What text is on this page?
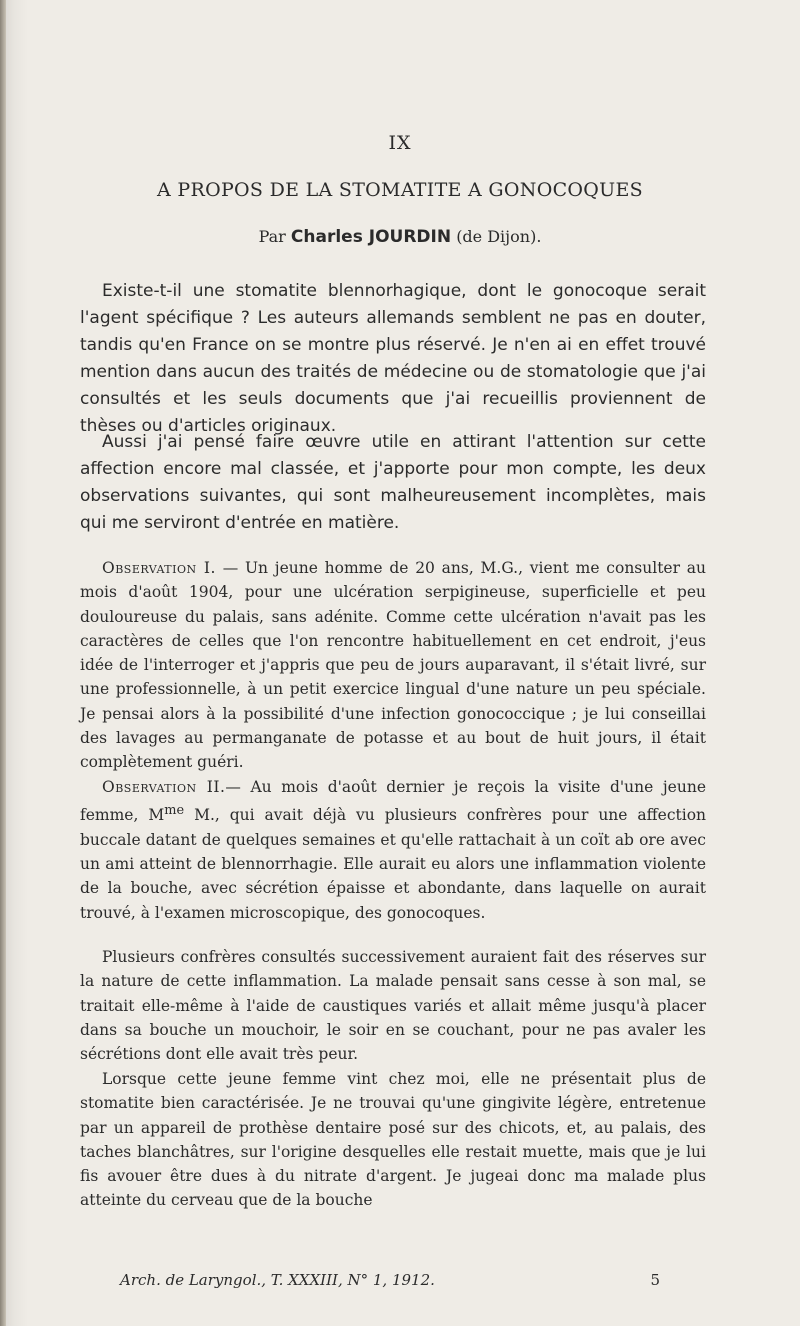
IX
A PROPOS DE LA STOMATITE A GONOCOQUES
Par Charles JOURDIN (de Dijon).

Existe-t-il une stomatite blennorhagique, dont le gonocoque serait l'agent spécifique ? Les auteurs allemands semblent ne pas en douter, tandis qu'en France on se montre plus réservé. Je n'en ai en effet trouvé mention dans aucun des traités de médecine ou de stomatologie que j'ai consultés et les seuls documents que j'ai recueillis proviennent de thèses ou d'articles originaux.

Aussi j'ai pensé faire œuvre utile en attirant l'attention sur cette affection encore mal classée, et j'apporte pour mon compte, les deux observations suivantes, qui sont malheureusement incomplètes, mais qui me serviront d'entrée en matière.

Observation I. — Un jeune homme de 20 ans, M.G., vient me consulter au mois d'août 1904, pour une ulcération serpigineuse, superficielle et peu douloureuse du palais, sans adénite. Comme cette ulcération n'avait pas les caractères de celles que l'on rencontre habituellement en cet endroit, j'eus idée de l'interroger et j'appris que peu de jours auparavant, il s'était livré, sur une professionnelle, à un petit exercice lingual d'une nature un peu spéciale. Je pensai alors à la possibilité d'une infection gonococcique ; je lui conseillai des lavages au permanganate de potasse et au bout de huit jours, il était complètement guéri.

Observation II.— Au mois d'août dernier je reçois la visite d'une jeune femme, $M^{me}$ M., qui avait déjà vu plusieurs confrères pour une affection buccale datant de quelques semaines et qu'elle rattachait à un coït ab ore avec un ami atteint de blennorrhagie. Elle aurait eu alors une inflammation violente de la bouche, avec sécrétion épaisse et abondante, dans laquelle on aurait trouvé, à l'examen microscopique, des gonocoques.

Plusieurs confrères consultés successivement auraient fait des réserves sur la nature de cette inflammation. La malade pensait sans cesse à son mal, se traitait elle-même à l'aide de caustiques variés et allait même jusqu'à placer dans sa bouche un mouchoir, le soir en se couchant, pour ne pas avaler les sécrétions dont elle avait très peur.

Lorsque cette jeune femme vint chez moi, elle ne présentait plus de stomatite bien caractérisée. Je ne trouvai qu'une gingivite légère, entretenue par un appareil de prothèse dentaire posé sur des chicots, et, au palais, des taches blanchâtres, sur l'origine desquelles elle restait muette, mais que je lui fis avouer être dues à du nitrate d'argent. Je jugeai donc ma malade plus atteinte du cerveau que de la bouche

Arch. de Laryngol., T. XXXIII, N° 1, 1912.	5
